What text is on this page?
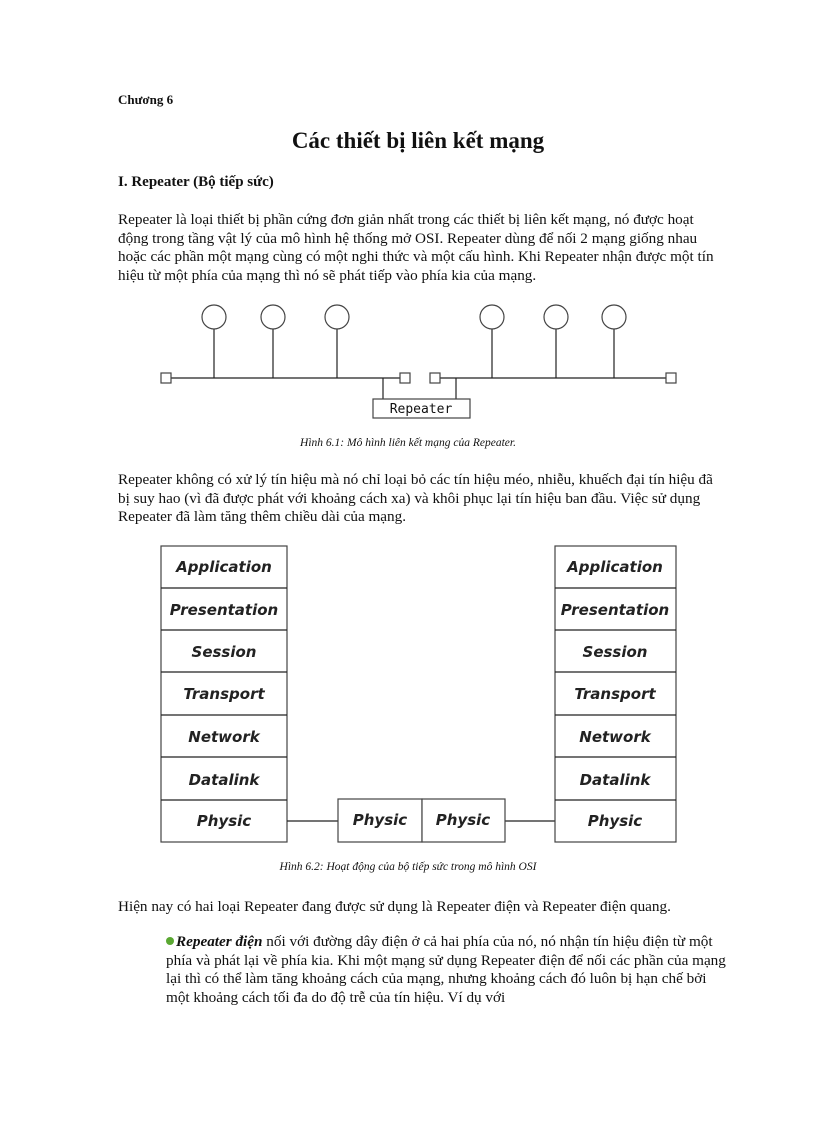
Chương 6
Các thiết bị liên kết mạng
I. Repeater (Bộ tiếp sức)
Repeater là loại thiết bị phần cứng đơn giản nhất trong các thiết bị liên kết mạng, nó được hoạt động trong tầng vật lý của mô hình hệ thống mở OSI. Repeater dùng để nối 2 mạng giống nhau hoặc các phần một mạng cùng có một nghi thức và một cấu hình. Khi Repeater nhận được một tín hiệu từ một phía của mạng thì nó sẽ phát tiếp vào phía kia của mạng.
Repeater
Application
Presentation
Session
Transport
Network
Datalink
Physic	Physic Physic
Application
Presentation
Session
Transport
Network
Datalink
Physic
Hình 6.1: Mô hình liên kết mạng của Repeater.
Repeater không có xử lý tín hiệu mà nó chỉ loại bỏ các tín hiệu méo, nhiễu, khuếch đại tín hiệu đã bị suy hao (vì đã được phát với khoảng cách xa) và khôi phục lại tín hiệu ban đầu. Việc sử dụng Repeater đã làm tăng thêm chiều dài của mạng.
Hình 6.2: Hoạt động của bộ tiếp sức trong mô hình OSI
Hiện nay có hai loại Repeater đang được sử dụng là Repeater điện và Repeater điện quang.
Repeater điện nối với đường dây điện ở cả hai phía của nó, nó nhận tín hiệu điện từ một phía và phát lại về phía kia. Khi một mạng sử dụng Repeater điện để nối các phần của mạng lại thì có thể làm tăng khoảng cách của mạng, nhưng khoảng cách đó luôn bị hạn chế bởi một khoảng cách tối đa do độ trễ của tín hiệu. Ví dụ với
